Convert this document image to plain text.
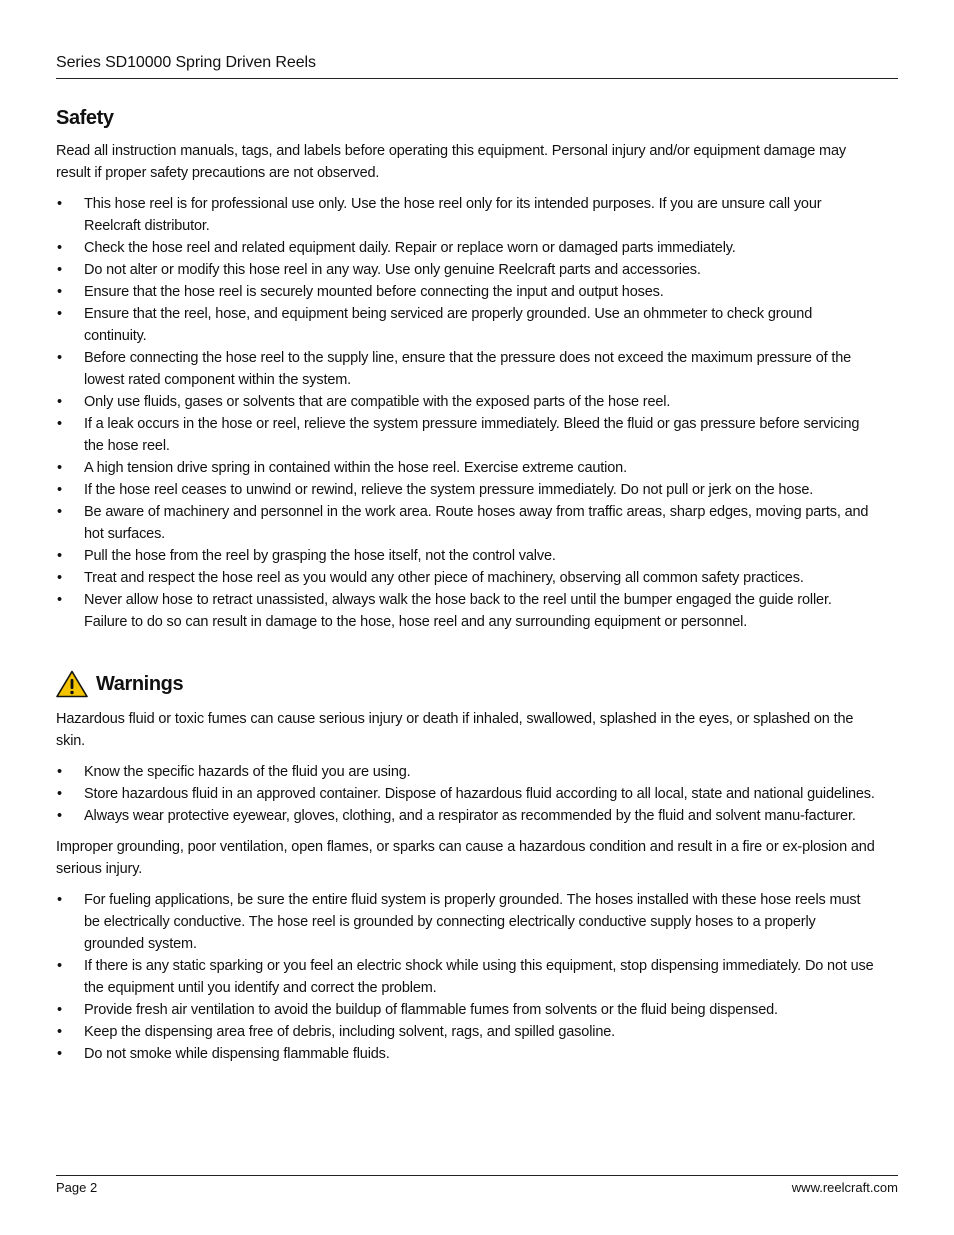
Series SD10000 Spring Driven Reels
Safety

Read all instruction manuals, tags, and labels before operating this equipment. Personal injury and/or equipment damage may result if proper safety precautions are not observed.

• This hose reel is for professional use only. Use the hose reel only for its intended purposes. If you are unsure call your Reelcraft distributor.
• Check the hose reel and related equipment daily. Repair or replace worn or damaged parts immediately.
• Do not alter or modify this hose reel in any way. Use only genuine Reelcraft parts and accessories.
• Ensure that the hose reel is securely mounted before connecting the input and output hoses.
• Ensure that the reel, hose, and equipment being serviced are properly grounded. Use an ohmmeter to check ground continuity.
• Before connecting the hose reel to the supply line, ensure that the pressure does not exceed the maximum pressure of the lowest rated component within the system.
• Only use fluids, gases or solvents that are compatible with the exposed parts of the hose reel.
• If a leak occurs in the hose or reel, relieve the system pressure immediately. Bleed the fluid or gas pressure before servicing the hose reel.
• A high tension drive spring in contained within the hose reel. Exercise extreme caution.
• If the hose reel ceases to unwind or rewind, relieve the system pressure immediately. Do not pull or jerk on the hose.
• Be aware of machinery and personnel in the work area. Route hoses away from traffic areas, sharp edges, moving parts, and hot surfaces.
• Pull the hose from the reel by grasping the hose itself, not the control valve.
• Treat and respect the hose reel as you would any other piece of machinery, observing all common safety practices.
• Never allow hose to retract unassisted, always walk the hose back to the reel until the bumper engaged the guide roller. Failure to do so can result in damage to the hose, hose reel and any surrounding equipment or personnel.
Warnings

Hazardous fluid or toxic fumes can cause serious injury or death if inhaled, swallowed, splashed in the eyes, or splashed on the skin.

• Know the specific hazards of the fluid you are using.
• Store hazardous fluid in an approved container. Dispose of hazardous fluid according to all local, state and national guidelines.
• Always wear protective eyewear, gloves, clothing, and a respirator as recommended by the fluid and solvent manu-facturer.

Improper grounding, poor ventilation, open flames, or sparks can cause a hazardous condition and result in a fire or ex-plosion and serious injury.

• For fueling applications, be sure the entire fluid system is properly grounded. The hoses installed with these hose reels must be electrically conductive. The hose reel is grounded by connecting electrically conductive supply hoses to a properly grounded system.
• If there is any static sparking or you feel an electric shock while using this equipment, stop dispensing immediately. Do not use the equipment until you identify and correct the problem.
• Provide fresh air ventilation to avoid the buildup of flammable fumes from solvents or the fluid being dispensed.
• Keep the dispensing area free of debris, including solvent, rags, and spilled gasoline.
• Do not smoke while dispensing flammable fluids.
Page 2	www.reelcraft.com
